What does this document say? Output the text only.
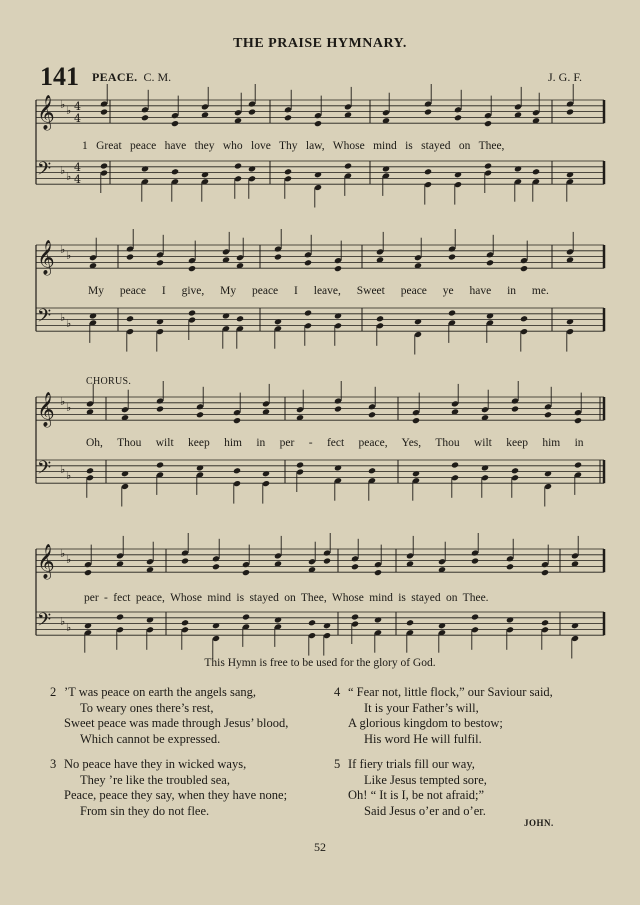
THE PRAISE HYMNARY.
141 PEACE. C. M.	J. G. F.
𝄞 ♭ ♭ 4
4
𝄢 ♭ ♭
4
4
𝄞 ♭ ♭
𝄢 ♭ ♭
𝄞 ♭ ♭
𝄢 ♭ ♭
𝄞 ♭ ♭
𝄢 ♭ ♭
CHORUS.
1 Great peace have they who love Thy law, Whose mind is stayed on Thee,
My peace I give, My peace I leave, Sweet peace ye have in me.
Oh, Thou wilt keep him in per - fect peace, Yes, Thou wilt keep him in
per - fect peace, Whose mind is stayed on Thee, Whose mind is stayed on Thee.
This Hymn is free to be used for the glory of God.
2 ’T was peace on earth the angels sang,
To weary ones there’s rest,
Sweet peace was made through Jesus’ blood,
Which cannot be expressed.
3 No peace have they in wicked ways,
They ’re like the troubled sea,
Peace, peace they say, when they have none;
From sin they do not flee.
4 “ Fear not, little flock,” our Saviour said,
It is your Father’s will,
A glorious kingdom to bestow;
His word He will fulfil.
5 If fiery trials fill our way,
Like Jesus tempted sore,
Oh! “ It is I, be not afraid;”
Said Jesus o’er and o’er.
JOHN.
52
